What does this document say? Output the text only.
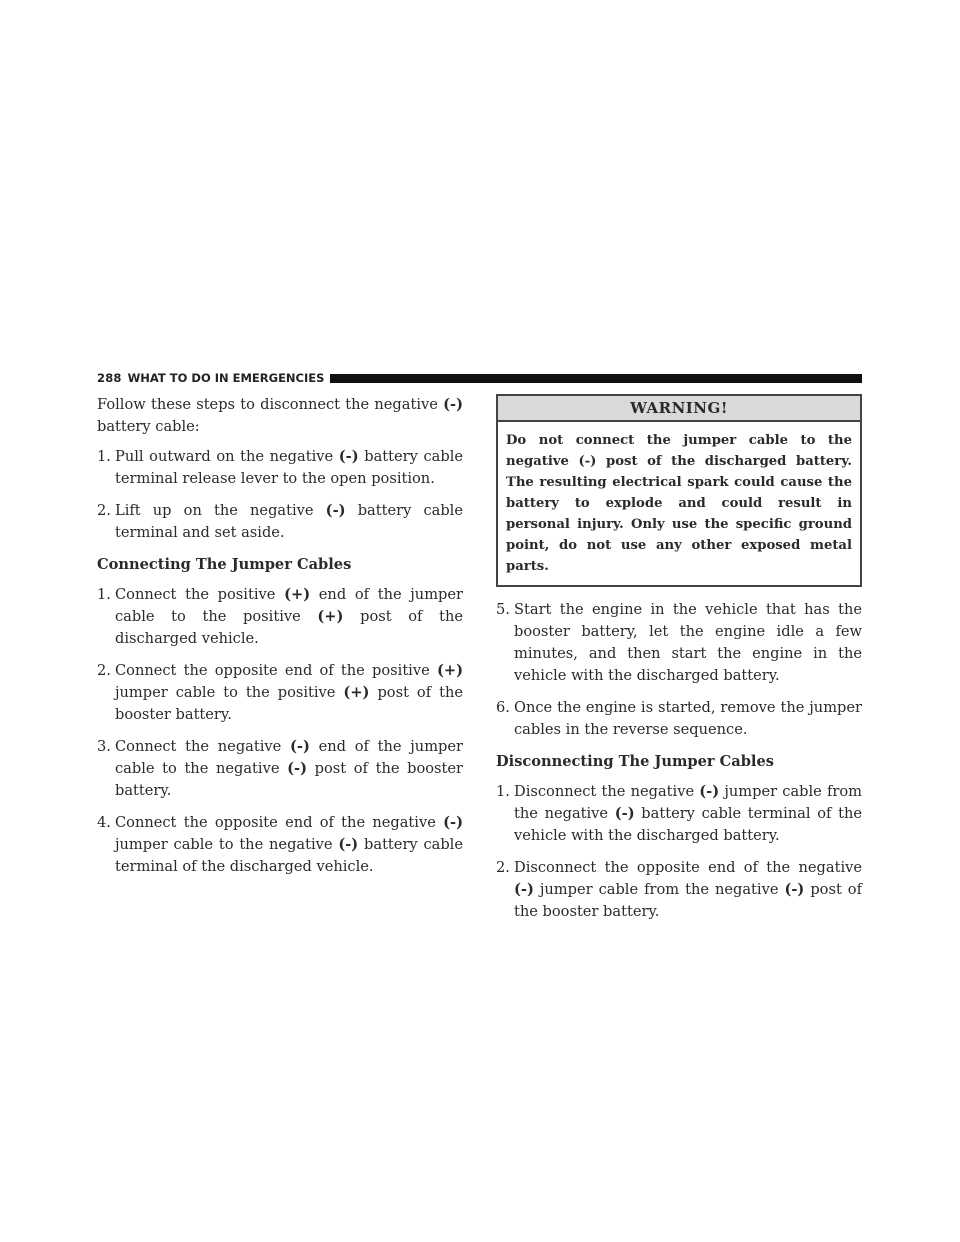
288 WHAT TO DO IN EMERGENCIES

Follow these steps to disconnect the negative (-) battery cable:

1. Pull outward on the negative (-) battery cable terminal release lever to the open position.
2. Lift up on the negative (-) battery cable terminal and set aside.
Connecting The Jumper Cables
1. Connect the positive (+) end of the jumper cable to the positive (+) post of the discharged vehicle.
2. Connect the opposite end of the positive (+) jumper cable to the positive (+) post of the booster battery.
3. Connect the negative (-) end of the jumper cable to the negative (-) post of the booster battery.
4. Connect the opposite end of the negative (-) jumper cable to the negative (-) battery cable terminal of the discharged vehicle.
WARNING!
Do not connect the jumper cable to the negative (-) post of the discharged battery. The resulting electrical spark could cause the battery to explode and could result in personal injury. Only use the specific ground point, do not use any other exposed metal parts.
5. Start the engine in the vehicle that has the booster battery, let the engine idle a few minutes, and then start the engine in the vehicle with the discharged battery.
6. Once the engine is started, remove the jumper cables in the reverse sequence.
Disconnecting The Jumper Cables
1. Disconnect the negative (-) jumper cable from the negative (-) battery cable terminal of the vehicle with the discharged battery.
2. Disconnect the opposite end of the negative (-) jumper cable from the negative (-) post of the booster battery.
